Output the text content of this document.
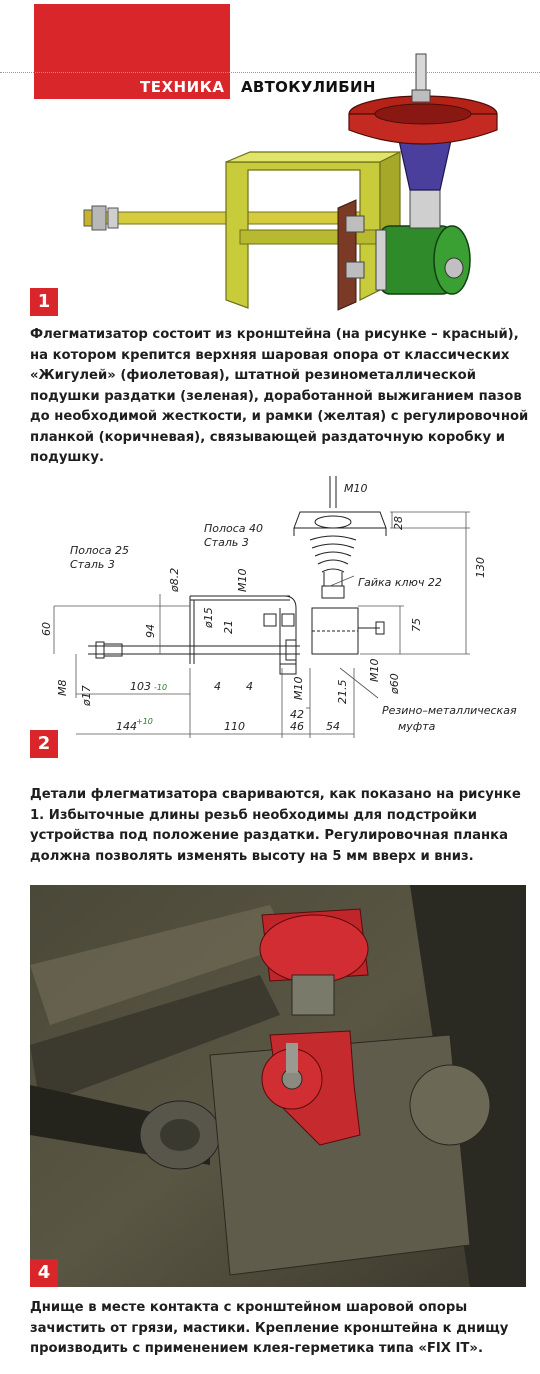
ТЕХНИКА АВТОКУЛИБИН
1

Флегматизатор состоит из кронштейна (на рисунке – красный), на котором крепится верхняя шаровая опора от классических «Жигулей» (фиолетовая), штатной резинометаллической подушки раздатки (зеленая), доработанной выжиганием пазов до необходимой жесткости, и рамки (желтая) с регулировочной планкой (коричневая), связывающей раздаточную коробку и подушку.

M10
28
130
Полоса 40
Сталь 3
Полоса 25
Сталь 3
ø8.2	M10	Гайка ключ 22
60
ø15
94	21	75
M10
ø60
M8 ø17	103 -10	4 4	M10	21.5
42	Резино–металлическая
муфта
144 +10	110	46 54
2

Детали флегматизатора свариваются, как показано на рисунке 1. Избыточные длины резьб необходимы для подстройки устройства под положение раздатки. Регулировочная планка должна позволять изменять высоту на 5 мм вверх и вниз.

4

Днище в месте контакта с кронштейном шаровой опоры зачистить от грязи, мастики. Крепление кронштейна к днищу производить с применением клея-герметика типа «FIX IT».
